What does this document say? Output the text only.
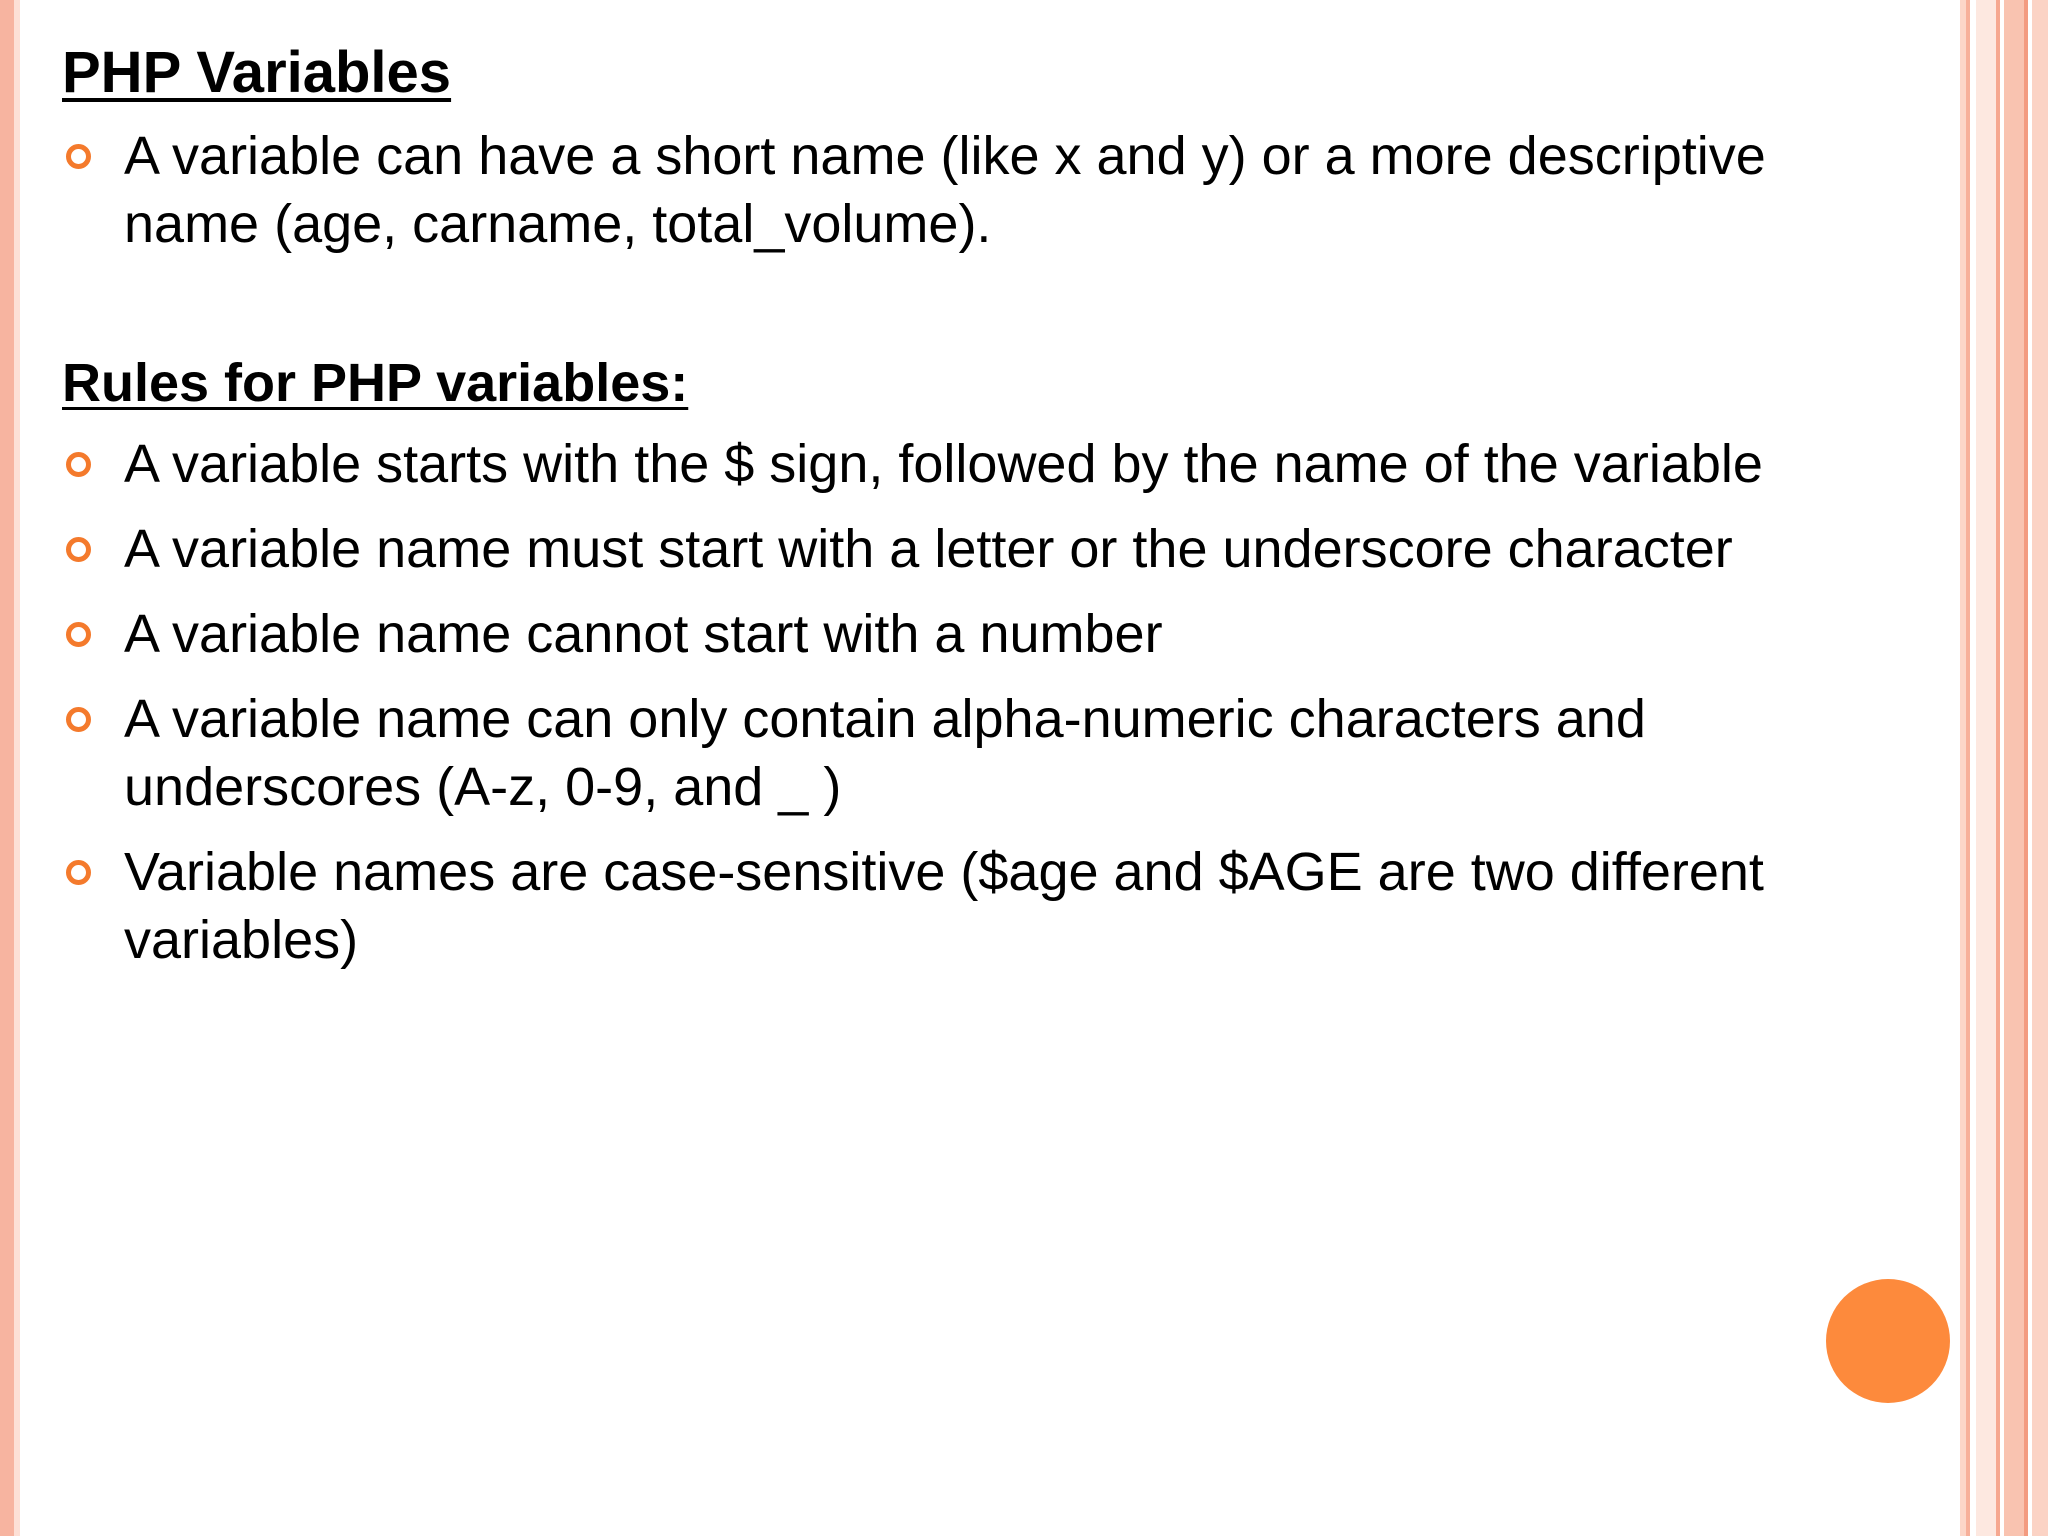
PHP Variables
A variable can have a short name (like x and y) or a more descriptive name (age, carname, total_volume).
Rules for PHP variables:
A variable starts with the $ sign, followed by the name of the variable
A variable name must start with a letter or the underscore character
A variable name cannot start with a number
A variable name can only contain alpha-numeric characters and underscores (A-z, 0-9, and _ )
Variable names are case-sensitive ($age and $AGE are two different variables)
